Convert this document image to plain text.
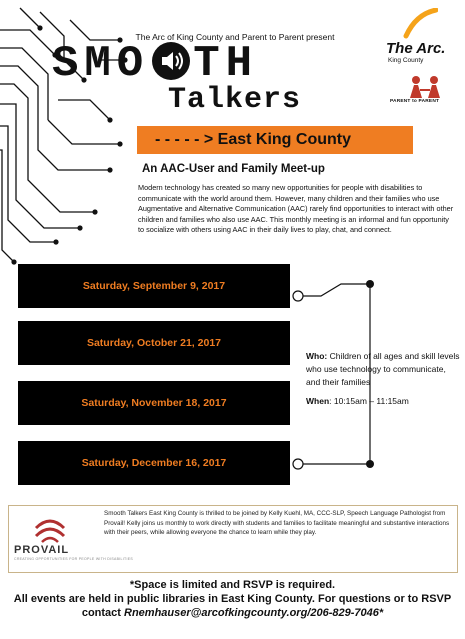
The Arc of King County and Parent to Parent present
SMO TH
Talkers
The Arc.
King County
PARENT to PARENT
- - - - - > East King County
An AAC-User and Family Meet-up
Modern technology has created so many new opportunities for people with disabilities to communicate with the world around them. However, many children and their families who use Augmentative and Alternative Communication (AAC) rarely find opportunities to interact with other children and families who also use AAC. This monthly meeting is an informal and fun opportunity to socialize with others using AAC in their daily lives to play, chat, and connect.
Saturday, September 9, 2017
Saturday, October 21, 2017
Saturday, November 18, 2017
Saturday, December 16, 2017
Who: Children of all ages and skill levels who use technology to communicate, and their families
When: 10:15am – 11:15am
PROVAIL
CREATING OPPORTUNITIES FOR PEOPLE WITH DISABILITIES
Smooth Talkers East King County is thrilled to be joined by Kelly Kuehl, MA, CCC-SLP, Speech Language Pathologist from Provail! Kelly joins us monthly to work directly with students and families to facilitate meaningful and substantive interactions with their peers, while allowing everyone the chance to learn while they play.
*Space is limited and RSVP is required.
All events are held in public libraries in East King County. For questions or to RSVP
contact Rnemhauser@arcofkingcounty.org/206-829-7046*
